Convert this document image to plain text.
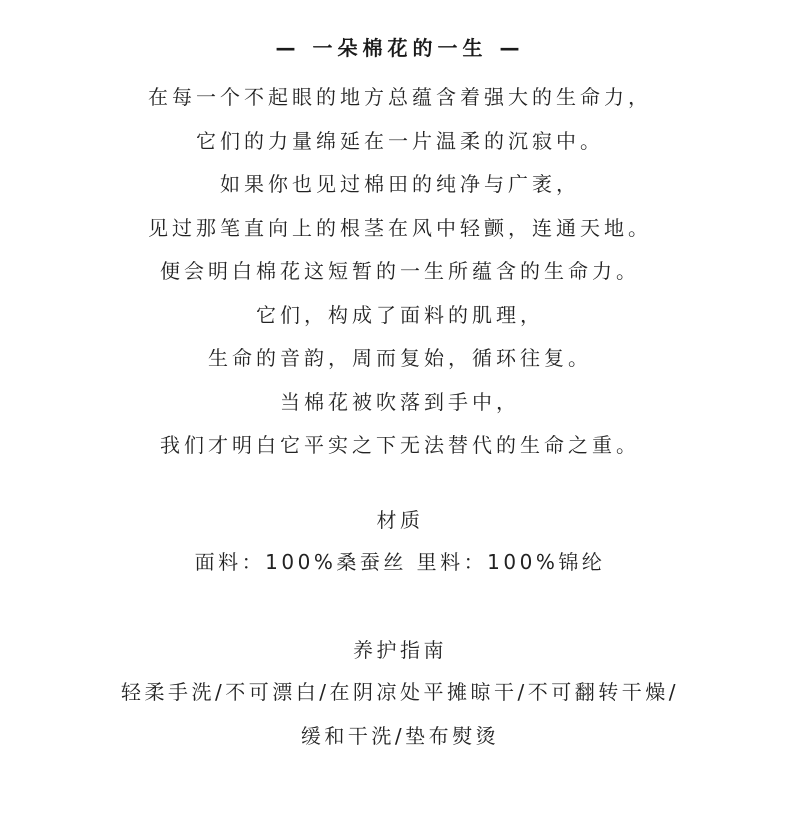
— 一朵棉花的一生 —
在每一个不起眼的地方总蕴含着强大的生命力，
它们的力量绵延在一片温柔的沉寂中。
如果你也见过棉田的纯净与广袤，
见过那笔直向上的根茎在风中轻颤，连通天地。
便会明白棉花这短暂的一生所蕴含的生命力。
它们，构成了面料的肌理，
生命的音韵，周而复始，循环往复。
当棉花被吹落到手中，
我们才明白它平实之下无法替代的生命之重。
材质
面料：100%桑蚕丝 里料：100%锦纶
养护指南
轻柔手洗/不可漂白/在阴凉处平摊晾干/不可翻转干燥/
缓和干洗/垫布熨烫
